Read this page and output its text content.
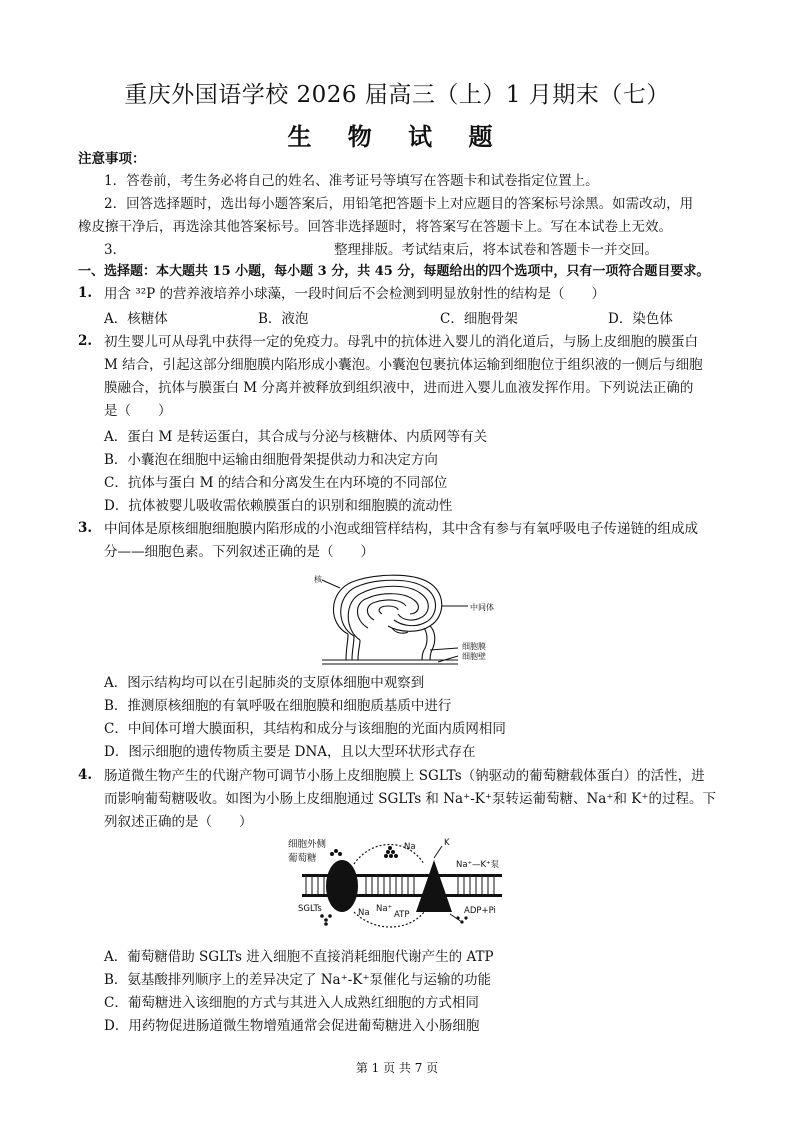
重庆外国语学校 2026 届高三（上）1 月期末（七）
生 物 试 题
注意事项：
1．答卷前，考生务必将自己的姓名、准考证号等填写在答题卡和试卷指定位置上。
2．回答选择题时，选出每小题答案后，用铅笔把答题卡上对应题目的答案标号涂黑。如需改动，用
橡皮擦干净后，再选涂其他答案标号。回答非选择题时，将答案写在答题卡上。写在本试卷上无效。
3．	整理排版。考试结束后，将本试卷和答题卡一并交回。
一、选择题：本大题共 15 小题，每小题 3 分，共 45 分，每题给出的四个选项中，只有一项符合题目要求。
1. 用含 ³²P 的营养液培养小球藻，一段时间后不会检测到明显放射性的结构是（　　）
A．核糖体	B．液泡	C．细胞骨架	D．染色体
2. 初生婴儿可从母乳中获得一定的免疫力。母乳中的抗体进入婴儿的消化道后，与肠上皮细胞的膜蛋白
M 结合，引起这部分细胞膜内陷形成小囊泡。小囊泡包裹抗体运输到细胞位于组织液的一侧后与细胞
膜融合，抗体与膜蛋白 M 分离并被释放到组织液中，进而进入婴儿血液发挥作用。下列说法正确的
是（　　）
A．蛋白 M 是转运蛋白，其合成与分泌与核糖体、内质网等有关
B．小囊泡在细胞中运输由细胞骨架提供动力和决定方向
C．抗体与蛋白 M 的结合和分离发生在内环境的不同部位
D．抗体被婴儿吸收需依赖膜蛋白的识别和细胞膜的流动性
3. 中间体是原核细胞细胞膜内陷形成的小泡或细管样结构，其中含有参与有氧呼吸电子传递链的组成成
分——细胞色素。下列叙述正确的是（　　）
核
中间体
细胞膜
细胞壁
A．图示结构均可以在引起肺炎的支原体细胞中观察到
B．推测原核细胞的有氧呼吸在细胞膜和细胞质基质中进行
C．中间体可增大膜面积，其结构和成分与该细胞的光面内质网相同
D．图示细胞的遗传物质主要是 DNA，且以大型环状形式存在
4. 肠道微生物产生的代谢产物可调节小肠上皮细胞膜上 SGLTs（钠驱动的葡萄糖载体蛋白）的活性，进
而影响葡萄糖吸收。如图为小肠上皮细胞通过 SGLTs 和 Na⁺-K⁺泵转运葡萄糖、Na⁺和 K⁺的过程。下
列叙述正确的是（　　）
细胞外侧
葡萄糖
Na	K
Na⁺—K⁺泵
SGLTs	Na Na⁺
ATP	ADP+Pi
A．葡萄糖借助 SGLTs 进入细胞不直接消耗细胞代谢产生的 ATP
B．氨基酸排列顺序上的差异决定了 Na⁺-K⁺泵催化与运输的功能
C．葡萄糖进入该细胞的方式与其进入人成熟红细胞的方式相同
D．用药物促进肠道微生物增殖通常会促进葡萄糖进入小肠细胞
第 1 页 共 7 页
